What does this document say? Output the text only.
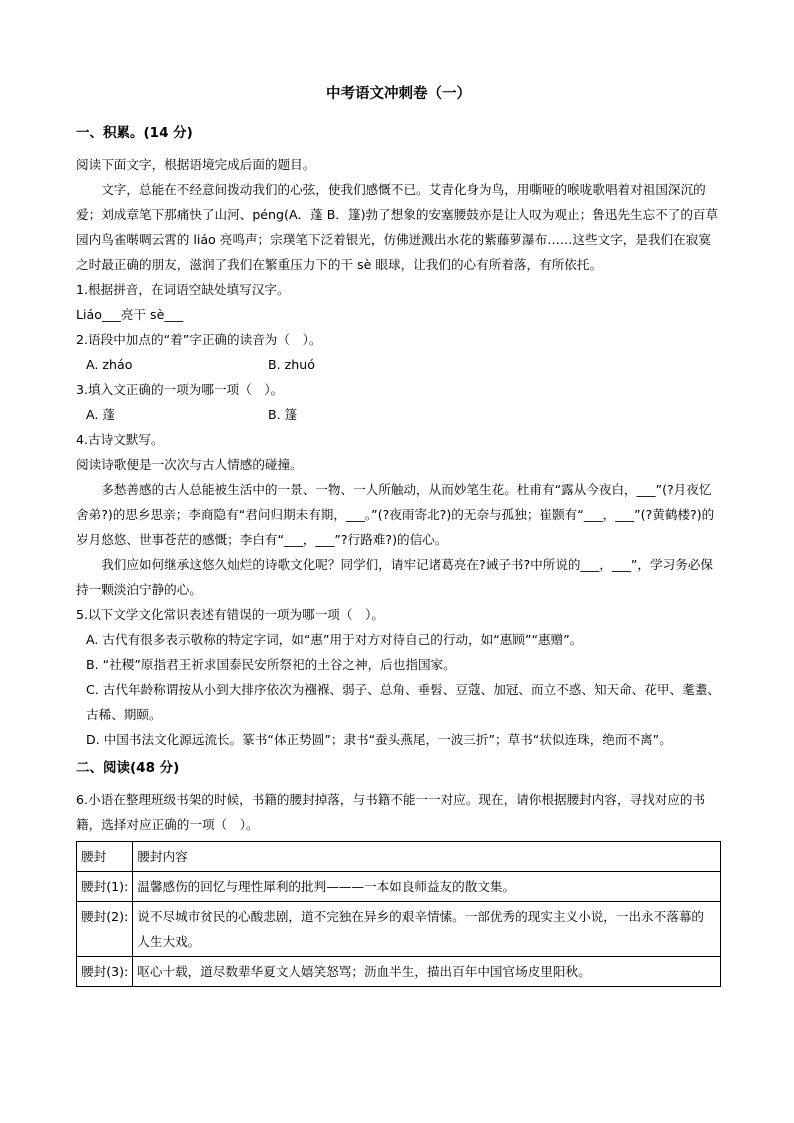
中考语文冲刺卷（一）
一、积累。(14 分)

阅读下面文字，根据语境完成后面的题目。

文字，总能在不经意间拨动我们的心弦，使我们感慨不已。艾青化身为鸟，用嘶哑的喉咙歌唱着对祖国深沉的爱；刘成章笔下那痛快了山河、péng(A．蓬 B．篷)勃了想象的安塞腰鼓亦是让人叹为观止；鲁迅先生忘不了的百草园内鸟雀啭啁云霄的 liáo 亮鸣声；宗璞笔下泛着银光，仿佛迸溅出水花的紫藤萝瀑布……这些文字，是我们在寂寞之时最正确的朋友，滋润了我们在繁重压力下的干 sè 眼球，让我们的心有所着落，有所依托。

1.根据拼音，在词语空缺处填写汉字。

Liáo___亮干 sè___

2.语段中加点的“着”字正确的读音为（　）。

A. zháo	B. zhuó

3.填入文正确的一项为哪一项（　）。

A. 蓬	B. 篷

4.古诗文默写。

阅读诗歌便是一次次与古人情感的碰撞。

多愁善感的古人总能被生活中的一景、一物、一人所触动，从而妙笔生花。杜甫有“露从今夜白，___”(?月夜忆舍弟?)的思乡思亲；李商隐有“君问归期未有期，___。”(?夜雨寄北?)的无奈与孤独；崔颢有“___，___”(?黄鹤楼?)的岁月悠悠、世事苍茫的感慨；李白有“___，___”?行路难?)的信心。

我们应如何继承这悠久灿烂的诗歌文化呢？同学们，请牢记诸葛亮在?诫子书?中所说的___，___”，学习务必保持一颗淡泊宁静的心。

5.以下文学文化常识表述有错误的一项为哪一项（　）。

A. 古代有很多表示敬称的特定字词，如“惠”用于对方对待自己的行动，如“惠顾”“惠赠”。

B. “社稷”原指君王祈求国泰民安所祭祀的土谷之神，后也指国家。

C. 古代年龄称谓按从小到大排序依次为襁褓、弱子、总角、垂髫、豆蔻、加冠、而立不惑、知天命、花甲、耄耋、古稀、期颐。

D. 中国书法文化源远流长。篆书“体正势圆”；隶书“蚕头燕尾，一波三折”；草书“状似连珠，绝而不离”。

二、阅读(48 分)

6.小语在整理班级书架的时候，书籍的腰封掉落，与书籍不能一一对应。现在，请你根据腰封内容，寻找对应的书籍，选择对应正确的一项（　）。

腰封	腰封内容
腰封(1):	温馨感伤的回忆与理性犀利的批判———一本如良师益友的散文集。
腰封(2):	说不尽城市贫民的心酸悲剧，道不完独在异乡的艰辛情愫。一部优秀的现实主义小说，一出永不落幕的人生大戏。
腰封(3):	呕心十载，道尽数辈华夏文人嬉笑怒骂；沥血半生，描出百年中国官场皮里阳秋。
